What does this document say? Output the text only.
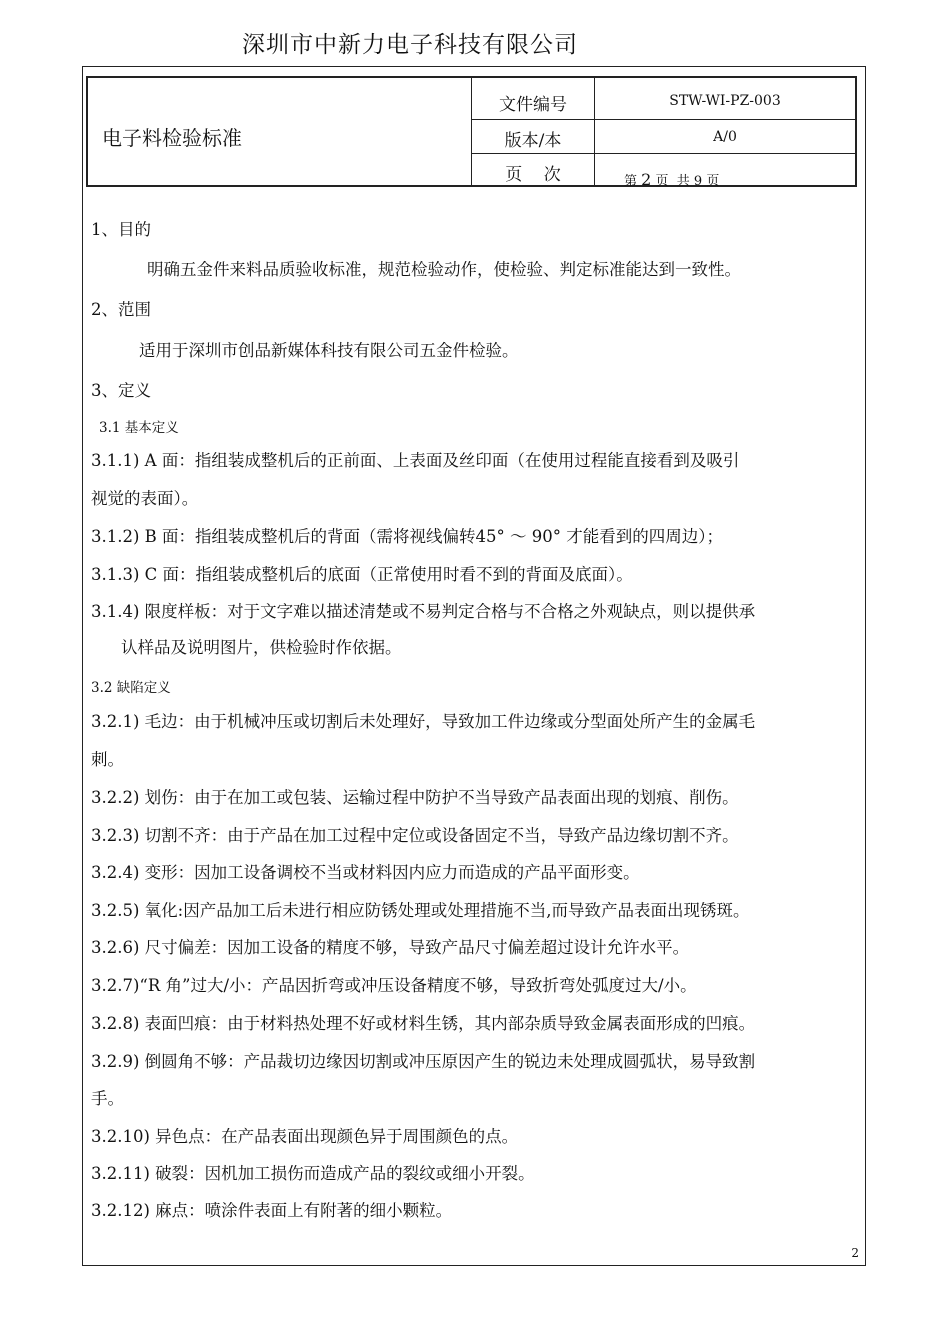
深圳市中新力电子科技有限公司
电子料检验标准
文件编号	STW-WI-PZ-003
版本/本	A/0
页    次	第 2 页  共 9 页
1、目的
明确五金件来料品质验收标准，规范检验动作，使检验、判定标准能达到一致性。
2、范围
适用于深圳市创品新媒体科技有限公司五金件检验。
3、定义
3.1 基本定义
3.1.1) A 面：指组装成整机后的正前面、上表面及丝印面（在使用过程能直接看到及吸引
视觉的表面）。
3.1.2) B 面：指组装成整机后的背面（需将视线偏转45° ～ 90° 才能看到的四周边）；
3.1.3) C 面：指组装成整机后的底面（正常使用时看不到的背面及底面）。
3.1.4) 限度样板：对于文字难以描述清楚或不易判定合格与不合格之外观缺点，则以提供承
认样品及说明图片，供检验时作依据。
3.2 缺陷定义
3.2.1) 毛边：由于机械冲压或切割后未处理好，导致加工件边缘或分型面处所产生的金属毛
刺。
3.2.2) 划伤：由于在加工或包装、运输过程中防护不当导致产品表面出现的划痕、削伤。
3.2.3) 切割不齐：由于产品在加工过程中定位或设备固定不当，导致产品边缘切割不齐。
3.2.4) 变形：因加工设备调校不当或材料因内应力而造成的产品平面形变。
3.2.5) 氧化:因产品加工后未进行相应防锈处理或处理措施不当,而导致产品表面出现锈斑。
3.2.6) 尺寸偏差：因加工设备的精度不够，导致产品尺寸偏差超过设计允许水平。
3.2.7)“R 角”过大/小：产品因折弯或冲压设备精度不够，导致折弯处弧度过大/小。
3.2.8) 表面凹痕：由于材料热处理不好或材料生锈，其内部杂质导致金属表面形成的凹痕。
3.2.9) 倒圆角不够：产品裁切边缘因切割或冲压原因产生的锐边未处理成圆弧状，易导致割
手。
3.2.10) 异色点：在产品表面出现颜色异于周围颜色的点。
3.2.11) 破裂：因机加工损伤而造成产品的裂纹或细小开裂。
3.2.12) 麻点：喷涂件表面上有附著的细小颗粒。
2
